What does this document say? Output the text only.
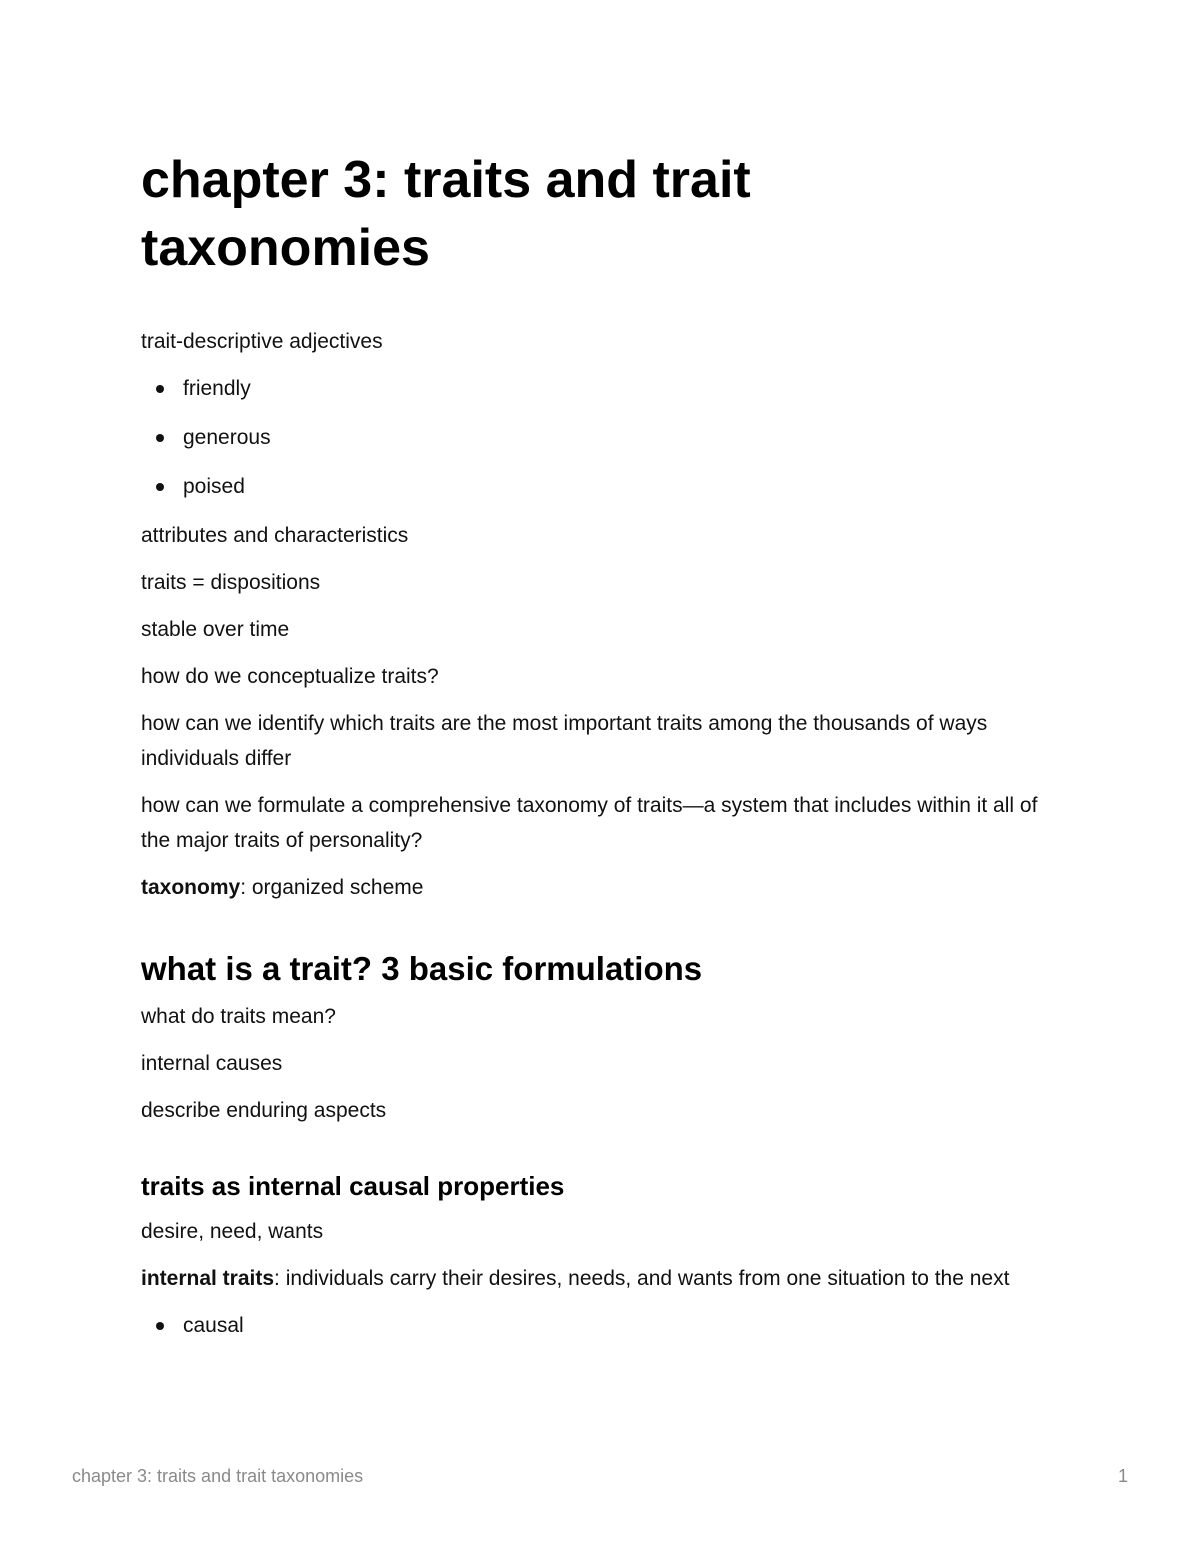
chapter 3: traits and trait taxonomies

trait-descriptive adjectives

friendly
generous
poised

attributes and characteristics

traits = dispositions

stable over time

how do we conceptualize traits?

how can we identify which traits are the most important traits among the thousands of ways individuals differ

how can we formulate a comprehensive taxonomy of traits—a system that includes within it all of the major traits of personality?

taxonomy: organized scheme

what is a trait? 3 basic formulations

what do traits mean?

internal causes

describe enduring aspects

traits as internal causal properties

desire, need, wants

internal traits: individuals carry their desires, needs, and wants from one situation to the next

causal
chapter 3: traits and trait taxonomies	1
